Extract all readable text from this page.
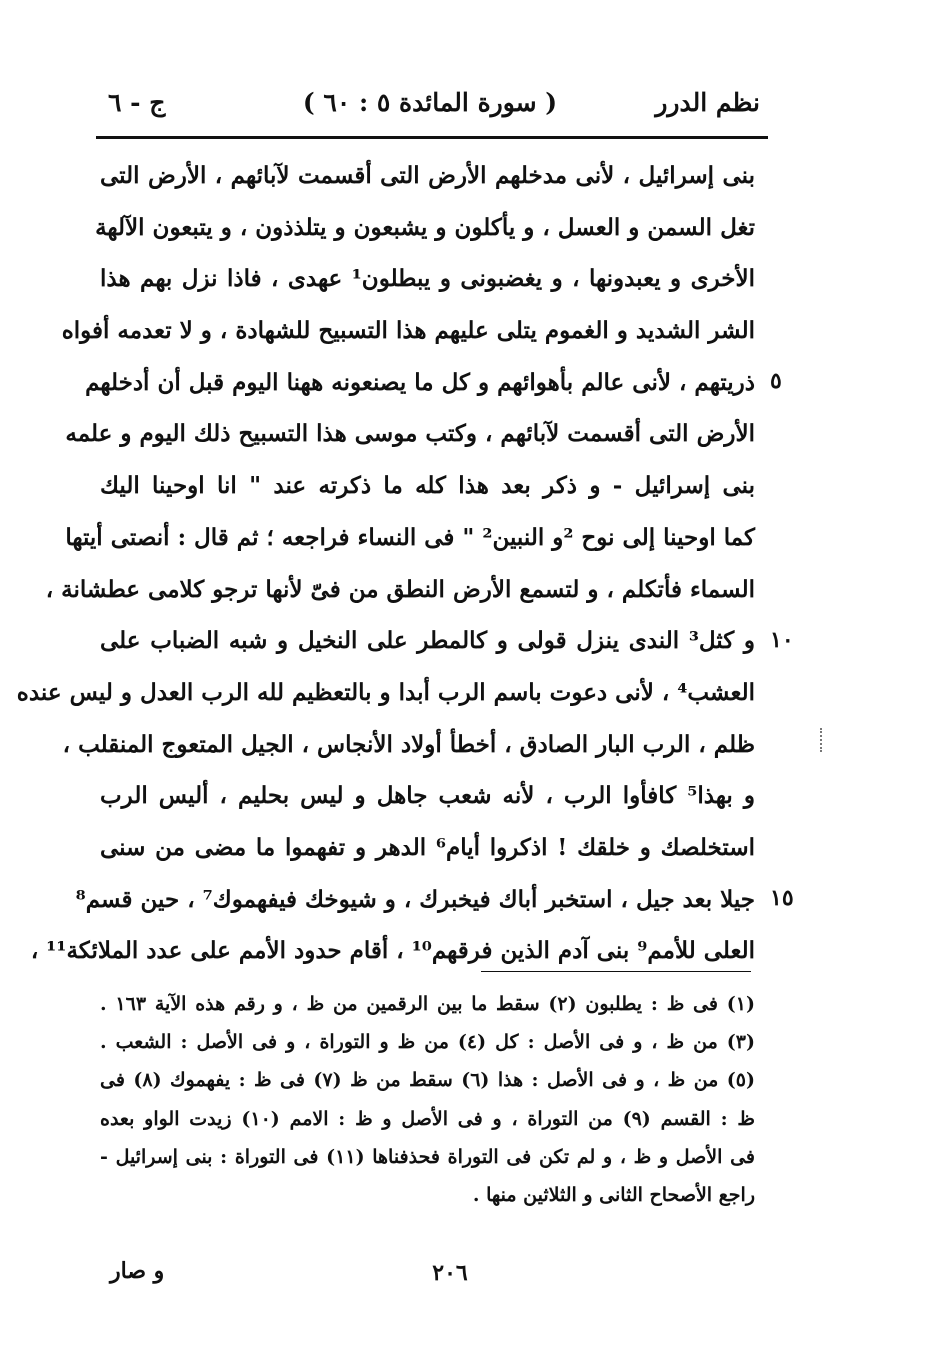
نظم الدرر
( سورة المائدة ٥ : ٦٠ )
ج - ٦
بنى إسرائيل ، لأنى مدخلهم الأرض التى أقسمت لآبائهم ، الأرض التى
تغل السمن و العسل ، و يأكلون و يشبعون و يتلذذون ، و يتبعون الآلهة
الأخرى و يعبدونها ، و يغضبونى و يبطلون¹ عهدى ، فاذا نزل بهم هذا
الشر الشديد و الغموم يتلى عليهم هذا التسبيح للشهادة ، و لا تعدمه أفواه
ذريتهم ، لأنى عالم بأهوائهم و كل ما يصنعونه ههنا اليوم قبل أن أدخلهم
الأرض التى أقسمت لآبائهم ، وكتب موسى هذا التسبيح ذلك اليوم و علمه
بنى إسرائيل - و ذكر بعد هذا كله ما ذكرته عند " انا اوحينا اليك
كما اوحينا إلى نوح ²و النبين² " فى النساء فراجعه ؛ ثم قال : أنصتى أيتها
السماء فأتكلم ، و لتسمع الأرض النطق من فىّ لأنها ترجو كلامى عطشانة ،
و كثل³ الندى ينزل قولى و كالمطر على النخيل و شبه الضباب على
العشب⁴ ، لأنى دعوت باسم الرب أبدا و بالتعظيم لله الرب العدل و ليس عنده
ظلم ، الرب البار الصادق ، أخطأ أولاد الأنجاس ، الجيل المتعوج المنقلب ،
و بهذا⁵ كافأوا الرب ، لأنه شعب جاهل و ليس بحليم ، أليس الرب
استخلصك و خلقك ! اذكروا أيام⁶ الدهر و تفهموا ما مضى من سنى
جيلا بعد جيل ، استخبر أباك فيخبرك ، و شيوخك فيفهموك⁷ ، حين قسم⁸
العلى للأمم⁹ بنى آدم الذين فرقهم¹⁰ ، أقام حدود الأمم على عدد الملائكة¹¹ ،
٥
١٠
١٥
(١) فى ظ : يطلبون (٢) سقط ما بين الرقمين من ظ ، و رقم هذه الآية ١٦٣ .
(٣) من ظ ، و فى الأصل : كل (٤) من ظ و التوراة ، و فى الأصل : الشعب .
(٥) من ظ ، و فى الأصل : هذا (٦) سقط من ظ (٧) فى ظ : يفهموك (٨) فى
ظ : القسم (٩) من التوراة ، و فى الأصل و ظ : الامم (١٠) زيدت الواو بعده
فى الأصل و ظ ، و لم تكن فى التوراة فحذفناها (١١) فى التوراة : بنى إسرائيل -
راجع الأصحاح الثانى و الثلاثين منها .
٢٠٦
و صار
